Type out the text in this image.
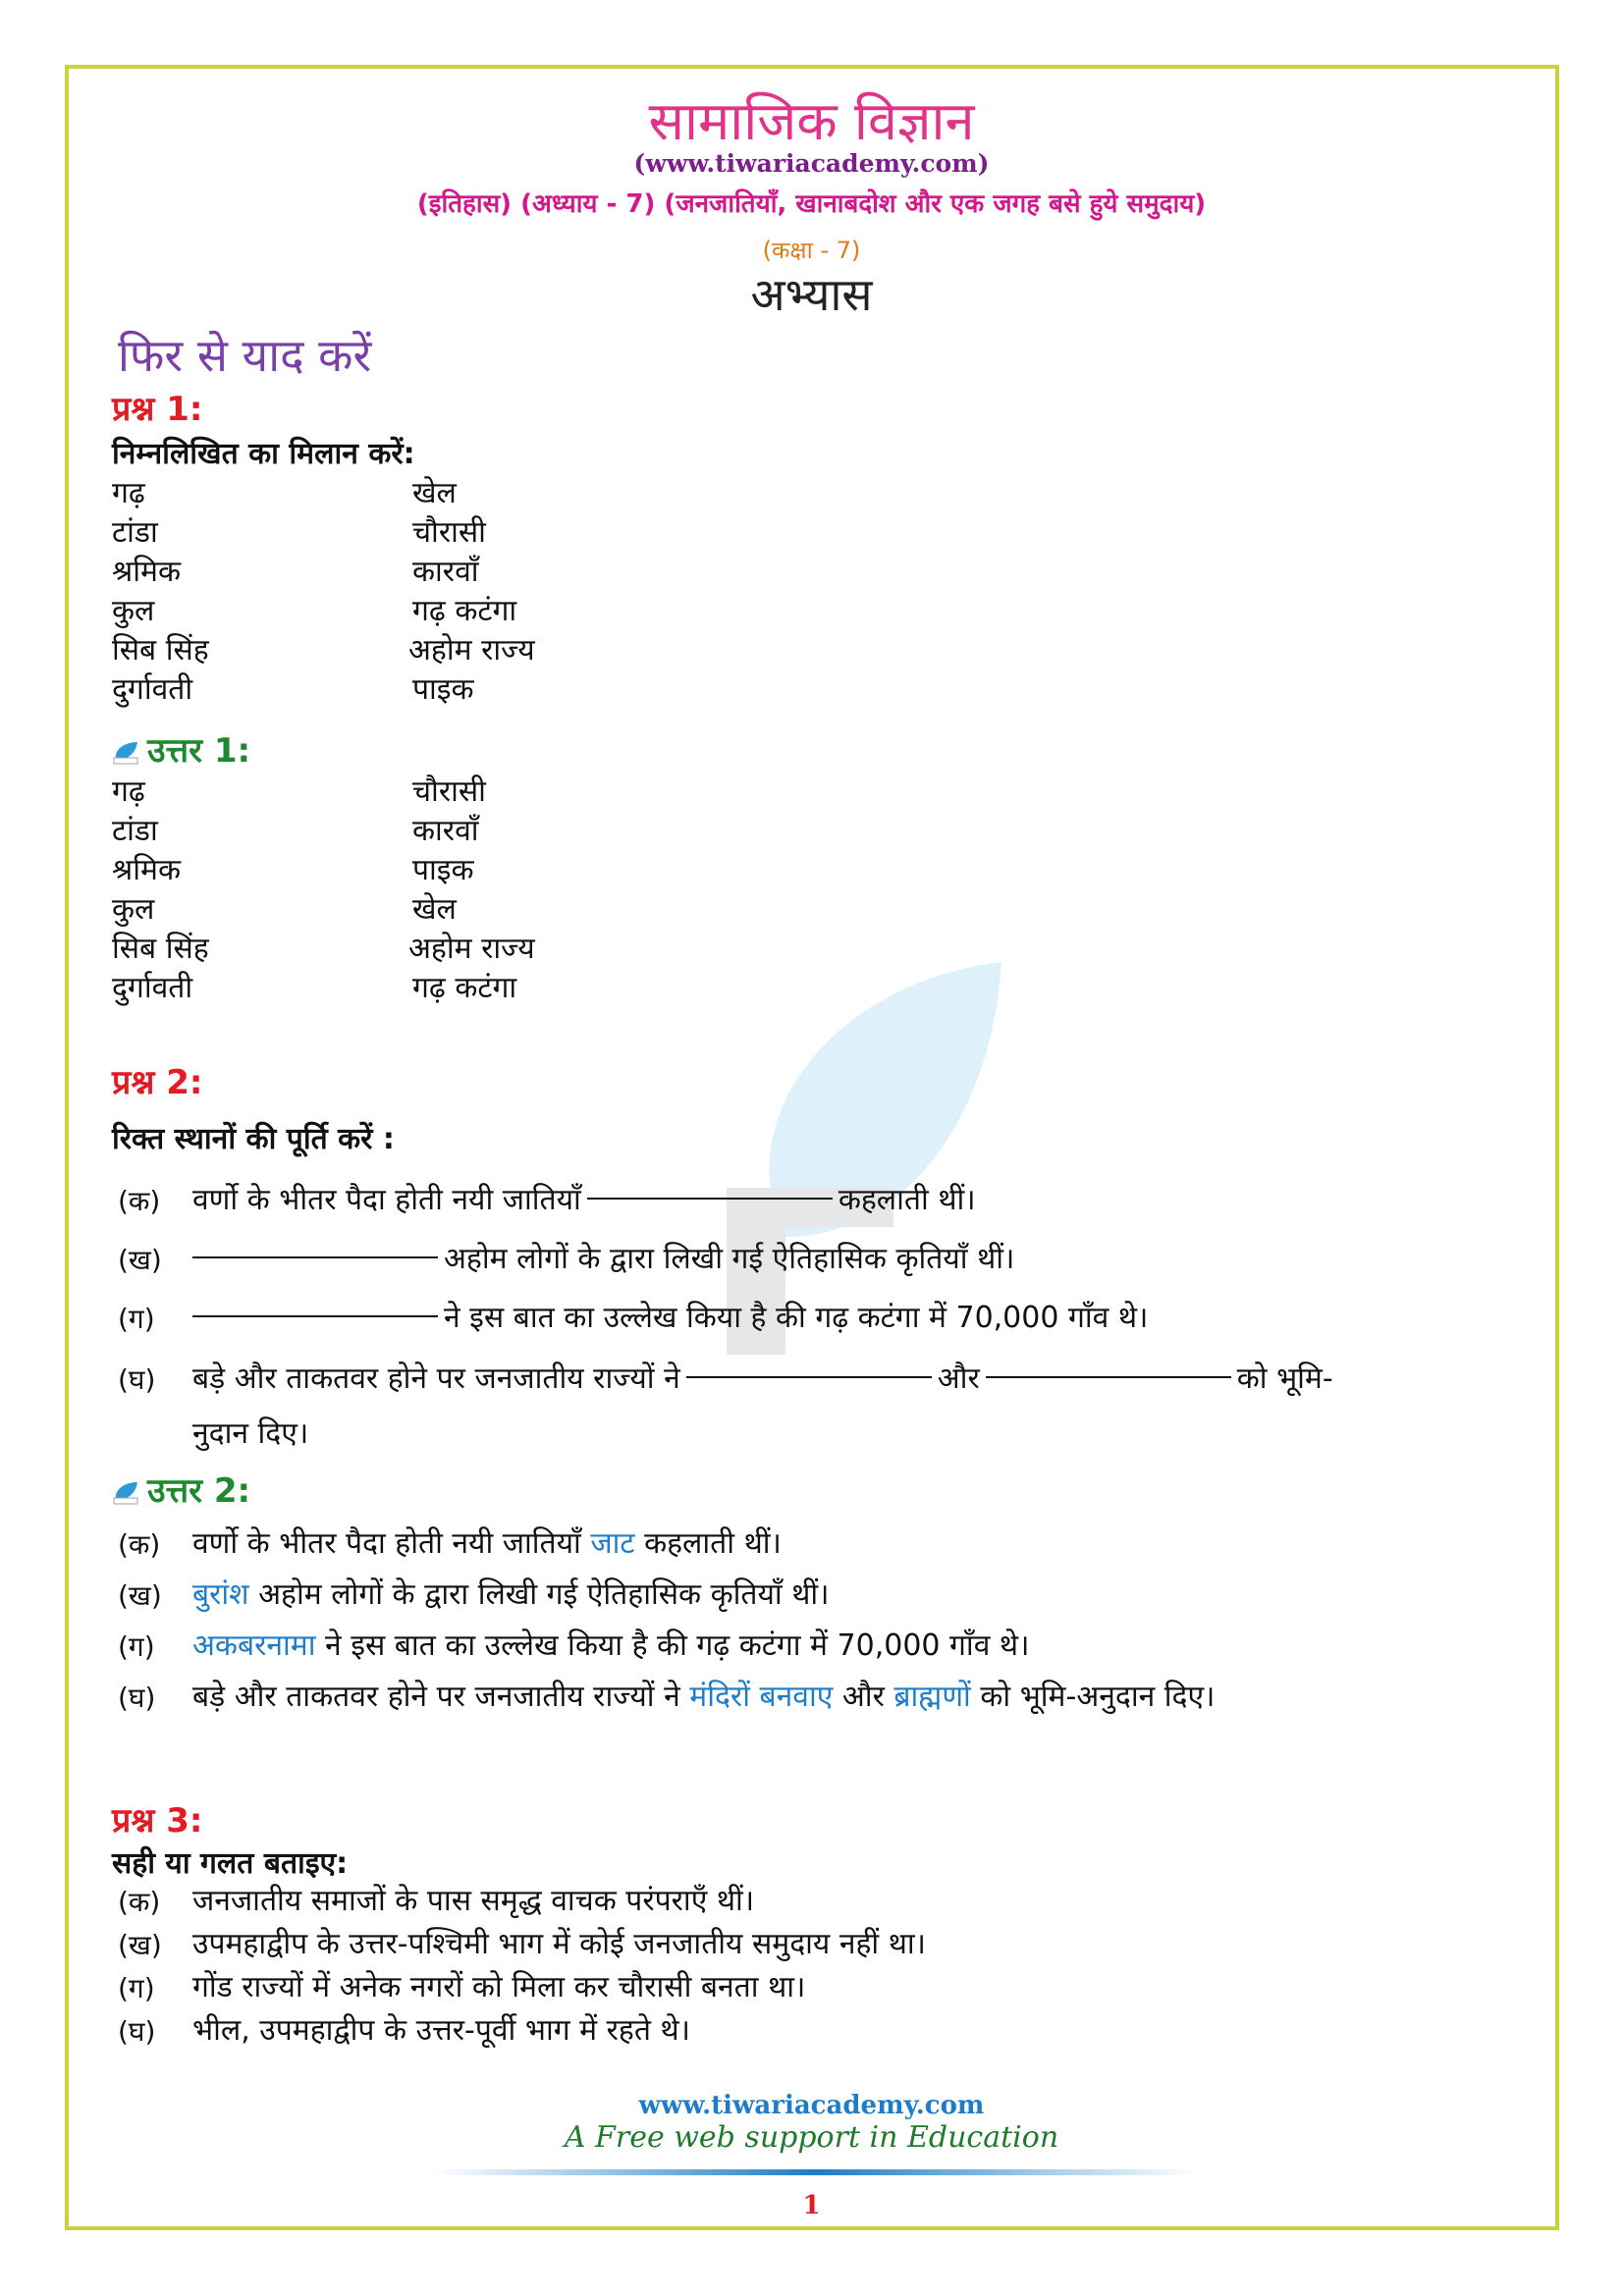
सामाजिक विज्ञान
(www.tiwariacademy.com)
(इतिहास) (अध्याय - 7) (जनजातियाँ, खानाबदोश और एक जगह बसे हुये समुदाय)
(कक्षा - 7)
अभ्यास
फिर से याद करें
प्रश्न 1:
निम्नलिखित का मिलान करें:
गढ़	खेल
टांडा	चौरासी
श्रमिक	कारवाँ
कुल	गढ़ कटंगा
सिब सिंह	अहोम राज्य
दुर्गावती	पाइक
उत्तर 1:
गढ़	चौरासी
टांडा	कारवाँ
श्रमिक	पाइक
कुल	खेल
सिब सिंह	अहोम राज्य
दुर्गावती	गढ़ कटंगा
प्रश्न 2:
रिक्त स्थानों की पूर्ति करें :
(क)	वर्णो के भीतर पैदा होती नयी जातियाँ	कहलाती थीं।
(ख)	अहोम लोगों के द्वारा लिखी गई ऐतिहासिक कृतियाँ थीं।
(ग)	ने इस बात का उल्लेख किया है की गढ़ कटंगा में 70,000 गाँव थे।
(घ)	बड़े और ताकतवर होने पर जनजातीय राज्यों ने	और	को भूमि-
नुदान दिए।
उत्तर 2:
(क)	वर्णो के भीतर पैदा होती नयी जातियाँ जाट कहलाती थीं।
(ख)	बुरांश अहोम लोगों के द्वारा लिखी गई ऐतिहासिक कृतियाँ थीं।
(ग)	अकबरनामा ने इस बात का उल्लेख किया है की गढ़ कटंगा में 70,000 गाँव थे।
(घ)	बड़े और ताकतवर होने पर जनजातीय राज्यों ने मंदिरों बनवाए और ब्राह्मणों को भूमि-अनुदान दिए।
प्रश्न 3:
सही या गलत बताइए:
(क)	जनजातीय समाजों के पास समृद्ध वाचक परंपराएँ थीं।
(ख)	उपमहाद्वीप के उत्तर-पश्चिमी भाग में कोई जनजातीय समुदाय नहीं था।
(ग)	गोंड राज्यों में अनेक नगरों को मिला कर चौरासी बनता था।
(घ)	भील, उपमहाद्वीप के उत्तर-पूर्वी भाग में रहते थे।
www.tiwariacademy.com
A Free web support in Education
1
